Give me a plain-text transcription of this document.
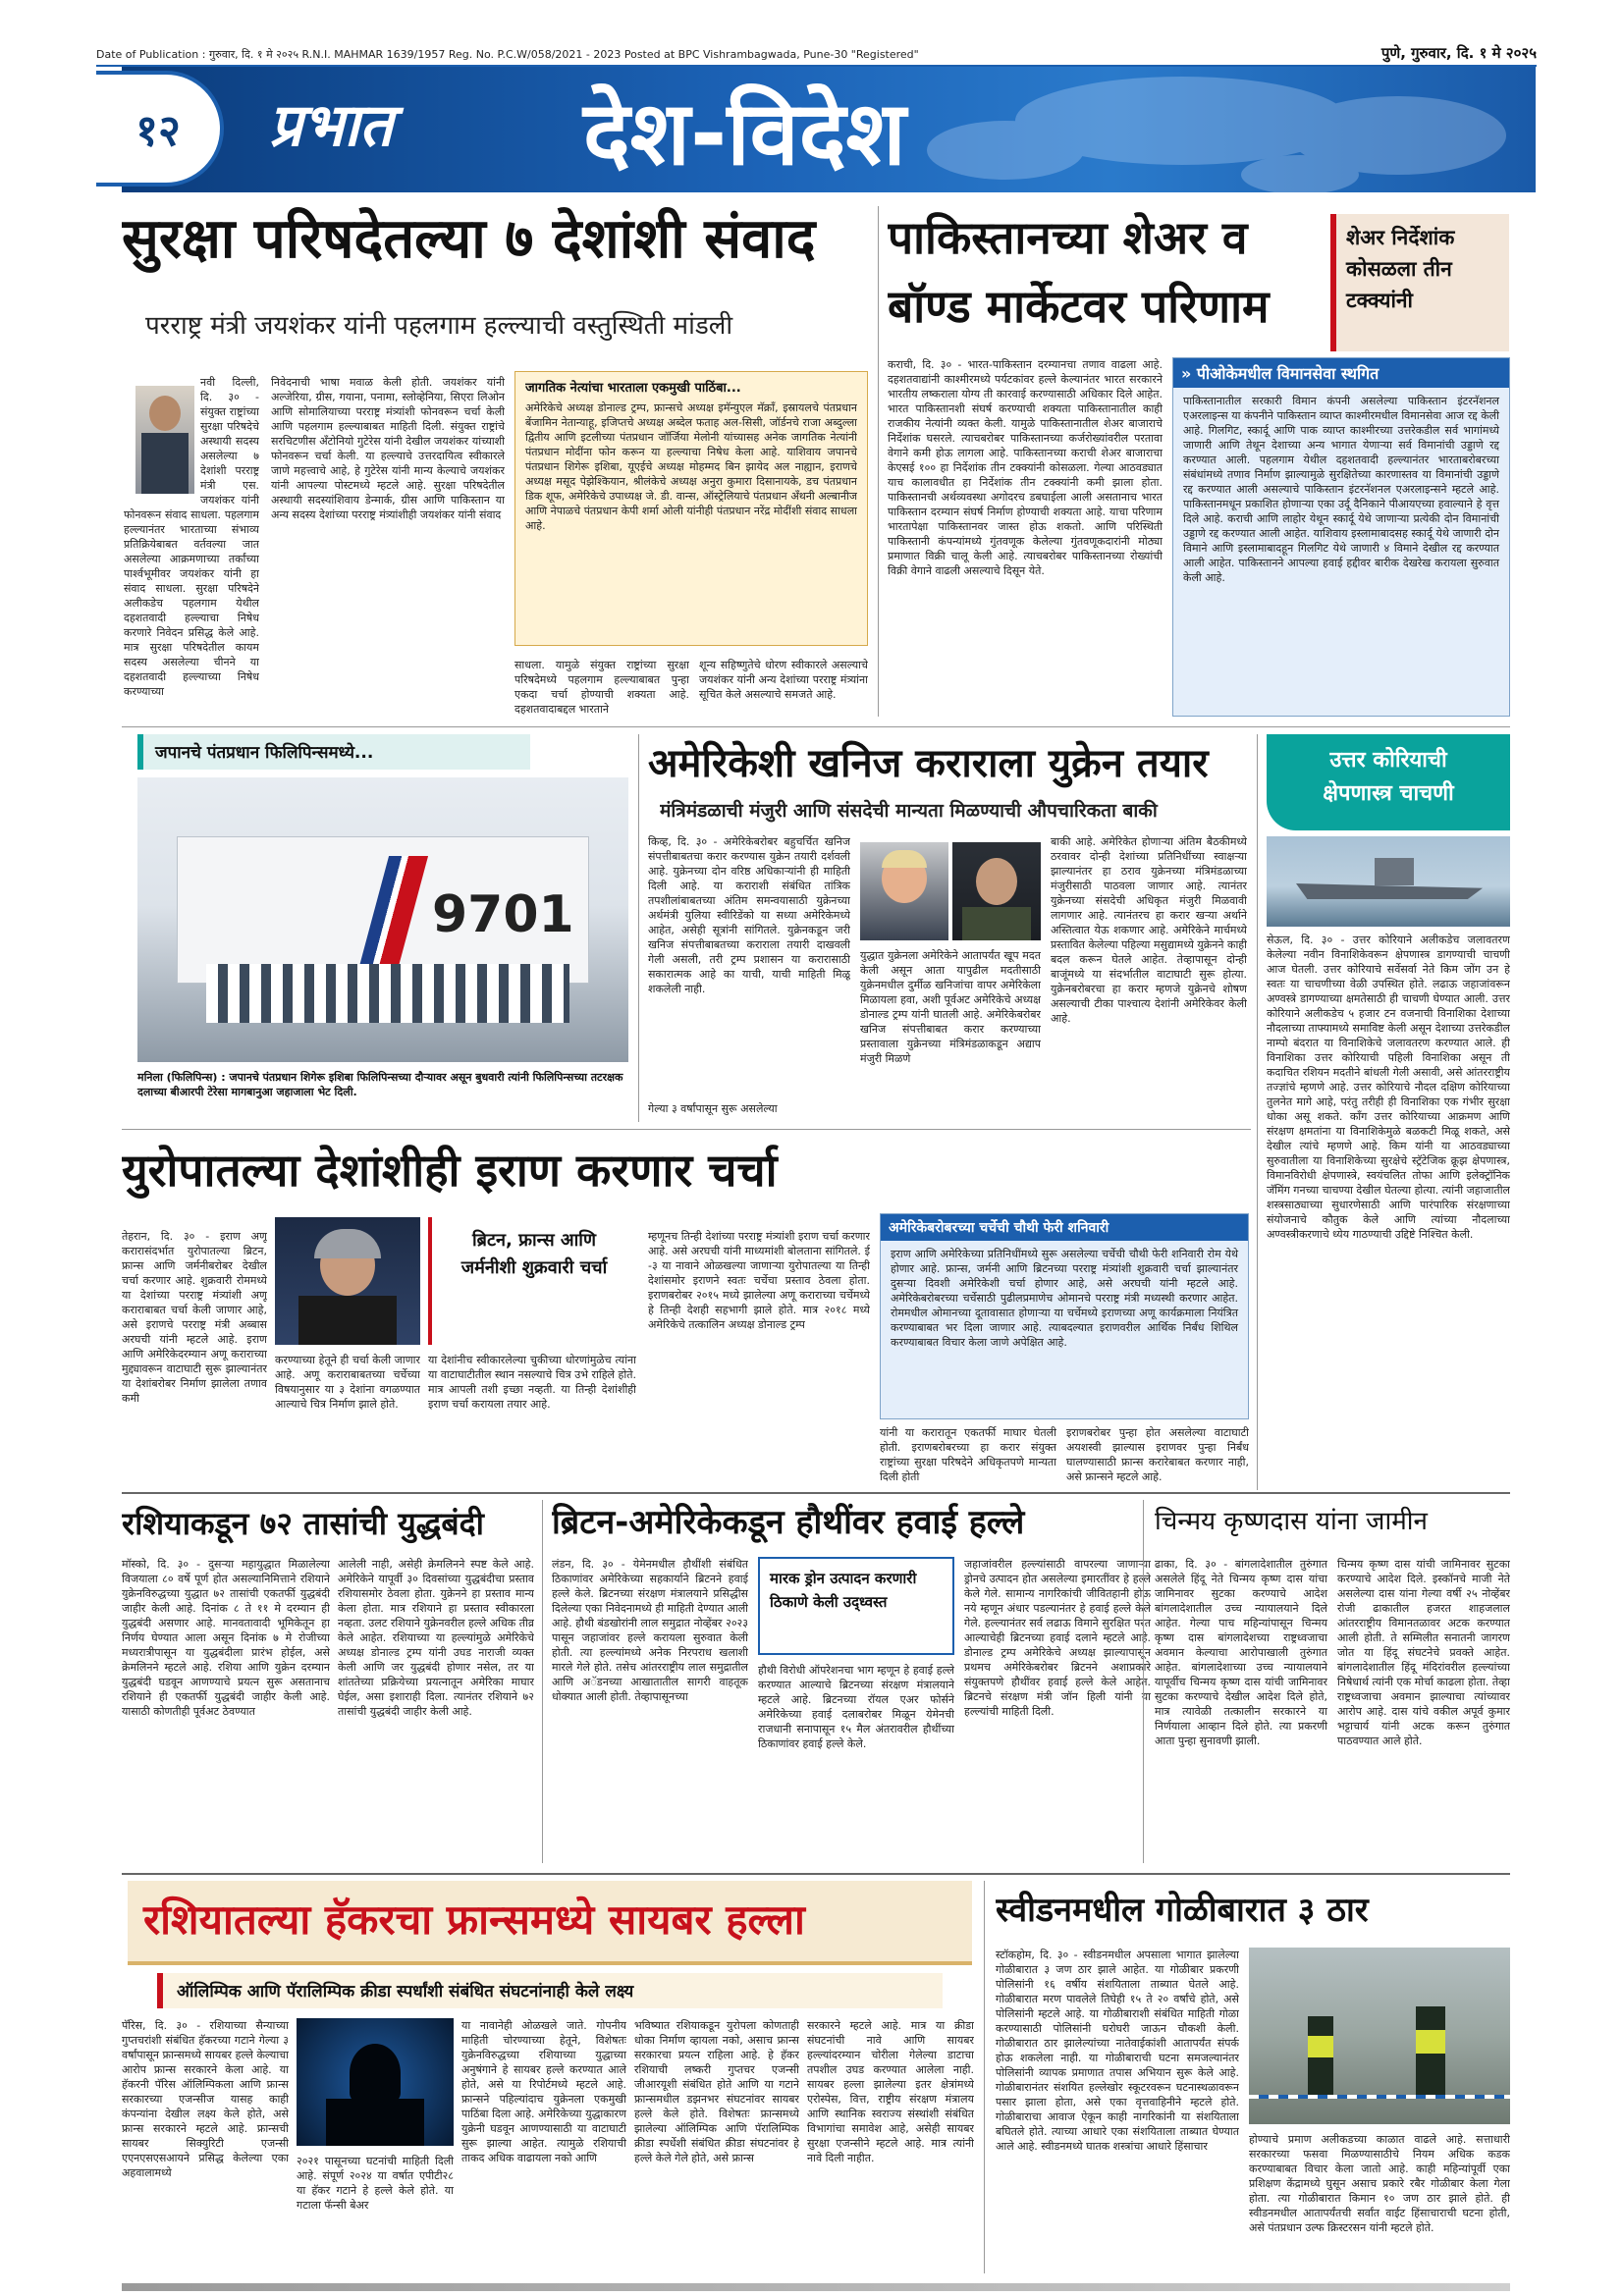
Date of Publication : गुरुवार, दि. १ मे २०२५ R.N.I. MAHMAR 1639/1957 Reg. No. P.C.W/058/2021 - 2023 Posted at BPC Vishrambagwada, Pune-30 "Registered"	पुणे, गुरुवार, दि. १ मे २०२५
प्रभात देश-विदेश
१२
सुरक्षा परिषदेतल्या ७ देशांशी संवाद
परराष्ट्र मंत्री जयशंकर यांनी पहलगाम हल्ल्याची वस्तुस्थिती मांडली
नवी दिल्ली, दि. ३० - संयुक्त राष्ट्रांच्या सुरक्षा परिषदेचे अस्थायी सदस्य असलेल्या ७ देशांशी परराष्ट्र मंत्री एस. जयशंकर यांनी फोनवरून संवाद साधला. पहलगाम हल्ल्यानंतर भारताच्या संभाव्य प्रतिक्रियेबाबत वर्तवल्या जात असलेल्या आक्रमणाच्या तर्कांच्या पार्श्वभूमीवर जयशंकर यांनी हा संवाद साधला. सुरक्षा परिषदेने अलीकडेच पहलगाम येथील दहशतवादी हल्ल्याचा निषेध करणारे निवेदन प्रसिद्ध केले आहे. मात्र सुरक्षा परिषदेतील कायम सदस्य असलेल्या चीनने या दहशतवादी हल्ल्याच्या निषेध करण्याच्या
निवेदनाची भाषा मवाळ केली होती. जयशंकर यांनी अल्जेरिया, ग्रीस, गयाना, पनामा, स्लोव्हेनिया, सिएरा लिओन आणि सोमालियाच्या परराष्ट्र मंत्र्यांशी फोनवरून चर्चा केली आणि पहलगाम हल्ल्याबाबत माहिती दिली. संयुक्त राष्ट्रांचे सरचिटणीस अँटोनियो गुटेरेस यांनी देखील जयशंकर यांच्याशी फोनवरून चर्चा केली. या हल्ल्याचे उत्तरदायित्व स्वीकारले जाणे महत्त्वाचे आहे, हे गुटेरेस यांनी मान्य केल्याचे जयशंकर यांनी आपल्या पोस्टमध्ये म्हटले आहे. सुरक्षा परिषदेतील अस्थायी सदस्यांशिवाय डेन्मार्क, ग्रीस आणि पाकिस्तान या अन्य सदस्य देशांच्या परराष्ट्र मंत्र्यांशीही जयशंकर यांनी संवाद
जागतिक नेत्यांचा भारताला एकमुखी पाठिंबा...
अमेरिकेचे अध्यक्ष डोनाल्ड ट्रम्प, फ्रान्सचे अध्यक्ष इमॅन्युएल मॅक्रॉं, इस्रायलचे पंतप्रधान बेंजामिन नेतान्याहू, इजिप्तचे अध्यक्ष अब्देल फताह अल-सिसी, जॉर्डनचे राजा अब्दुल्ला द्वितीय आणि इटलीच्या पंतप्रधान जॉर्जिया मेलोनी यांच्यासह अनेक जागतिक नेत्यांनी पंतप्रधान मोदींना फोन करून या हल्ल्याचा निषेध केला आहे. याशिवाय जपानचे पंतप्रधान शिगेरू इशिबा, यूएईचे अध्यक्ष मोहम्मद बिन झायेद अल नाह्यान, इराणचे अध्यक्ष मसूद पेझेश्कियान, श्रीलंकेचे अध्यक्ष अनुरा कुमारा दिसानायके, डच पंतप्रधान डिक शूफ, अमेरिकेचे उपाध्यक्ष जे. डी. वान्स, ऑस्ट्रेलियाचे पंतप्रधान अँथनी अल्बानीज आणि नेपाळचे पंतप्रधान केपी शर्मा ओली यांनीही पंतप्रधान नरेंद्र मोदींशी संवाद साधला आहे.
साधला. यामुळे संयुक्त राष्ट्रांच्या सुरक्षा परिषदेमध्ये पहलगाम हल्ल्याबाबत पुन्हा एकदा चर्चा होण्याची शक्यता आहे. दहशतवादाबद्दल भारताने
शून्य सहिष्णुतेचे धोरण स्वीकारले असल्याचे जयशंकर यांनी अन्य देशांच्या परराष्ट्र मंत्र्यांना सूचित केले असल्याचे समजते आहे.
पाकिस्तानच्या शेअर व
बॉण्ड मार्केटवर परिणाम
शेअर निर्देशांक कोसळला तीन टक्क्यांनी
कराची, दि. ३० - भारत-पाकिस्तान दरम्यानचा तणाव वाढला आहे. दहशतवाद्यांनी काश्मीरमध्ये पर्यटकांवर हल्ले केल्यानंतर भारत सरकारने भारतीय लष्कराला योग्य ती कारवाई करण्यासाठी अधिकार दिले आहेत. भारत पाकिस्तानशी संघर्ष करण्याची शक्यता पाकिस्तानातील काही राजकीय नेत्यांनी व्यक्त केली. यामुळे पाकिस्तानातील शेअर बाजाराचे निर्देशांक घसरले. त्याचबरोबर पाकिस्तानच्या कर्जरोख्यांवरील परतावा वेगाने कमी होऊ लागला आहे. पाकिस्तानच्या कराची शेअर बाजाराचा केएसई १०० हा निर्देशांक तीन टक्क्यांनी कोसळला. गेल्या आठवड्यात याच कालावधीत हा निर्देशांक तीन टक्क्यांनी कमी झाला होता. पाकिस्तानची अर्थव्यवस्था अगोदरच डबघाईला आली असतानाच भारत पाकिस्तान दरम्यान संघर्ष निर्माण होण्याची शक्यता आहे. याचा परिणाम भारतापेक्षा पाकिस्तानवर जास्त होऊ शकतो. आणि परिस्थिती पाकिस्तानी कंपन्यांमध्ये गुंतवणूक केलेल्या गुंतवणूकदारांनी मोठ्या प्रमाणात विक्री चालू केली आहे. त्याचबरोबर पाकिस्तानच्या रोख्यांची विक्री वेगाने वाढली असल्याचे दिसून येते.
» पीओकेमधील विमानसेवा स्थगित
पाकिस्तानातील सरकारी विमान कंपनी असलेल्या पाकिस्तान इंटरनॅशनल एअरलाइन्स या कंपनीने पाकिस्तान व्याप्त काश्मीरमधील विमानसेवा आज रद्द केली आहे. गिलगिट, स्कार्दू आणि पाक व्याप्त काश्मीरच्या उत्तरेकडील सर्व भागांमध्ये जाणारी आणि तेथून देशाच्या अन्य भागात येणाऱ्या सर्व विमानांची उड्डाणे रद्द करण्यात आली. पहलगाम येथील दहशतवादी हल्ल्यानंतर भारताबरोबरच्या संबंधांमध्ये तणाव निर्माण झाल्यामुळे सुरक्षितेच्या कारणास्तव या विमानांची उड्डाणे रद्द करण्यात आली असल्याचे पाकिस्तान इंटरनॅशनल एअरलाइन्सने म्हटले आहे. पाकिस्तानमधून प्रकाशित होणाऱ्या एका उर्दू दैनिकाने पीआयएच्या हवाल्याने हे वृत्त दिले आहे. कराची आणि लाहोर येथून स्कार्दू येथे जाणाऱ्या प्रत्येकी दोन विमानांची उड्डाणे रद्द करण्यात आली आहेत. याशिवाय इस्लामाबादसह स्कार्दू येथे जाणारी दोन विमाने आणि इस्लामाबादहून गिलगिट येथे जाणारी ४ विमाने देखील रद्द करण्यात आली आहेत. पाकिस्तानने आपल्या हवाई हद्दीवर बारीक देखरेख करायला सुरुवात केली आहे.
जपानचे पंतप्रधान फिलिपिन्समध्ये...
9701
मनिला (फिलिपिन्स) : जपानचे पंतप्रधान शिगेरू इशिबा फिलिपिन्सच्या दौऱ्यावर असून बुधवारी त्यांनी फिलिपिन्सच्या तटरक्षक दलाच्या बीआरपी टेरेसा मागबानुआ जहाजाला भेट दिली.
अमेरिकेशी खनिज कराराला युक्रेन तयार
मंत्रिमंडळाची मंजुरी आणि संसदेची मान्यता मिळण्याची औपचारिकता बाकी
किव्ह, दि. ३० - अमेरिकेबरोबर बहुचर्चित खनिज संपत्तीबाबतचा करार करण्यास युक्रेन तयारी दर्शवली आहे. युक्रेनच्या दोन वरिष्ठ अधिकाऱ्यांनी ही माहिती दिली आहे. या कराराशी संबंधित तांत्रिक तपशीलांबाबतच्या अंतिम समन्वयासाठी युक्रेनच्या अर्थमंत्री युलिया स्वीरिडेंको या सध्या अमेरिकेमध्ये आहेत, असेही सूत्रांनी सांगितले. युक्रेनकडून जरी खनिज संपत्तीबाबतच्या कराराला तयारी दाखवली गेली असली, तरी ट्रम्प प्रशासन या करारासाठी सकारात्मक आहे का याची, याची माहिती मिळू शकलेली नाही.
गेल्या ३ वर्षांपासून सुरू असलेल्या
युद्धात युक्रेनला अमेरिकेने आतापर्यंत खूप मदत केली असून आता यापुढील मदतीसाठी युक्रेनमधील दुर्मीळ खनिजांचा वापर अमेरिकेला मिळायला हवा, अशी पूर्वअट अमेरिकेचे अध्यक्ष डोनाल्ड ट्रम्प यांनी घातली आहे. अमेरिकेबरोबर खनिज संपत्तीबाबत करार करण्याच्या प्रस्तावाला युक्रेनच्या मंत्रिमंडळाकडून अद्याप मंजुरी मिळणे
बाकी आहे. अमेरिकेत होणाऱ्या अंतिम बैठकीमध्ये ठरवावर दोन्ही देशांच्या प्रतिनिधींच्या स्वाक्षऱ्या झाल्यानंतर हा ठराव युक्रेनच्या मंत्रिमंडळाच्या मंजुरीसाठी पाठवला जाणार आहे. त्यानंतर युक्रेनच्या संसदेची अधिकृत मंजुरी मिळवावी लागणार आहे. त्यानंतरच हा करार खऱ्या अर्थाने अस्तित्वात येऊ शकणार आहे. अमेरिकेने मार्चमध्ये प्रस्तावित केलेल्या पहिल्या मसुद्यामध्ये युक्रेनने काही बदल करून घेतले आहेत. तेव्हापासून दोन्ही बाजूंमध्ये या संदर्भातील वाटाघाटी सुरू होत्या. युक्रेनबरोबरचा हा करार म्हणजे युक्रेनचे शोषण असल्याची टीका पाश्चात्य देशांनी अमेरिकेवर केली आहे.
उत्तर कोरियाची
क्षेपणास्त्र चाचणी
सेऊल, दि. ३० - उत्तर कोरियाने अलीकडेच जलावतरण केलेल्या नवीन विनाशिकेवरून क्षेपणास्त्र डागण्याची चाचणी आज घेतली. उत्तर कोरियाचे सर्वेसर्वा नेते किम जोंग उन हे स्वतः या चाचणीच्या वेळी उपस्थित होते. लढाऊ जहाजांवरून अण्वस्त्रे डागण्याच्या क्षमतेसाठी ही चाचणी घेण्यात आली. उत्तर कोरियाने अलीकडेच ५ हजार टन वजनाची विनाशिका देशाच्या नौदलाच्या ताफ्यामध्ये समाविष्ट केली असून देशाच्या उत्तरेकडील नाम्पो बंदरात या विनाशिकेचे जलावतरण करण्यात आले. ही विनाशिका उत्तर कोरियाची पहिली विनाशिका असून ती कदाचित रशियन मदतीने बांधली गेली असावी, असे आंतरराष्ट्रीय तज्ज्ञांचे म्हणणे आहे. उत्तर कोरियाचे नौदल दक्षिण कोरियाच्या तुलनेत मागे आहे, परंतु तरीही ही विनाशिका एक गंभीर सुरक्षा धोका असू शकते. काँग उत्तर कोरियाच्या आक्रमण आणि संरक्षण क्षमतांना या विनाशिकेमुळे बळकटी मिळू शकते, असे देखील त्यांचे म्हणणे आहे. किम यांनी या आठवड्याच्या सुरुवातीला या विनाशिकेच्या सुरक्षेचे स्ट्रॅटेजिक क्रूझ क्षेपणास्त्र, विमानविरोधी क्षेपणास्त्रे, स्वयंचलित तोफा आणि इलेक्ट्रॉनिक जॅमिंग गनच्या चाचण्या देखील घेतल्या होत्या. त्यांनी जहाजातील शस्त्रसाठ्याच्या सुधारणेसाठी आणि पारंपारिक संरक्षणाच्या संयोजनाचे कौतुक केले आणि त्यांच्या नौदलाच्या अण्वस्त्रीकरणाचे ध्येय गाठण्याची उद्दिष्टे निश्चित केली.
युरोपातल्या देशांशीही इराण करणार चर्चा
तेहरान, दि. ३० - इराण अणू करारासंदर्भात युरोपातल्या ब्रिटन, फ्रान्स आणि जर्मनीबरोबर देखील चर्चा करणार आहे. शुक्रवारी रोममध्ये या देशांच्या परराष्ट्र मंत्र्यांशी अणू कराराबाबत चर्चा केली जाणार आहे, असे इराणचे परराष्ट्र मंत्री अब्बास अरघची यांनी म्हटले आहे. इराण आणि अमेरिकेदरम्यान अणू कराराच्या मुद्द्यावरून वाटाघाटी सुरू झाल्यानंतर या देशांबरोबर निर्माण झालेला तणाव कमी
ब्रिटन, फ्रान्स आणि जर्मनीशी शुक्रवारी चर्चा
करण्याच्या हेतूने ही चर्चा केली जाणार आहे. अणू कराराबाबतच्या चर्चेच्या विषयानुसार या ३ देशांना वगळण्यात आल्याचे चित्र निर्माण झाले होते.
या देशांनीच स्वीकारलेल्या चुकीच्या धोरणांमुळेच त्यांना या वाटाघाटीतील स्थान नसल्याचे चित्र उभे राहिले होते. मात्र आपली तशी इच्छा नव्हती. या तिन्ही देशांशीही इराण चर्चा करायला तयार आहे.
म्हणूनच तिन्ही देशांच्या परराष्ट्र मंत्र्यांशी इराण चर्चा करणार आहे. असे अरघची यांनी माध्यमांशी बोलताना सांगितले. ई -३ या नावाने ओळखल्या जाणाऱ्या युरोपातल्या या तिन्ही देशांसमोर इराणने स्वतः चर्चेचा प्रस्ताव ठेवला होता. इराणबरोबर २०१५ मध्ये झालेल्या अणू कराराच्या चर्चेमध्ये हे तिन्ही देशही सहभागी झाले होते. मात्र २०१८ मध्ये अमेरिकेचे तत्कालिन अध्यक्ष डोनाल्ड ट्रम्प
अमेरिकेबरोबरच्या चर्चेची चौथी फेरी शनिवारी
इराण आणि अमेरिकेच्या प्रतिनिधींमध्ये सुरू असलेल्या चर्चेची चौथी फेरी शनिवारी रोम येथे होणार आहे. फ्रान्स, जर्मनी आणि ब्रिटनच्या परराष्ट्र मंत्र्यांशी शुक्रवारी चर्चा झाल्यानंतर दुसऱ्या दिवशी अमेरिकेशी चर्चा होणार आहे, असे अरघची यांनी म्हटले आहे. अमेरिकेबरोबरच्या चर्चेसाठी पुढीलप्रमाणेच ओमानचे परराष्ट्र मंत्री मध्यस्थी करणार आहेत. रोममधील ओमानच्या दूतावासात होणाऱ्या या चर्चेमध्ये इराणच्या अणू कार्यक्रमाला नियंत्रित करण्याबाबत भर दिला जाणार आहे. त्याबदल्यात इराणवरील आर्थिक निर्बंध शिथिल करण्याबाबत विचार केला जाणे अपेक्षित आहे.
यांनी या करारातून एकतर्फी माघार घेतली होती. इराणबरोबरच्या हा करार संयुक्त राष्ट्रांच्या सुरक्षा परिषदेने अधिकृतपणे मान्यता दिली होती
इराणबरोबर पुन्हा होत असलेल्या वाटाघाटी अयशस्वी झाल्यास इराणवर पुन्हा निर्बंध घालण्यासाठी फ्रान्स करारेबाबत करणार नाही, असे फ्रान्सने म्हटले आहे.
रशियाकडून ७२ तासांची युद्धबंदी
मॉस्को, दि. ३० - दुसऱ्या महायुद्धात मिळालेल्या विजयाला ८० वर्षे पूर्ण होत असल्यानिमित्ताने रशियाने युक्रेनविरुद्धच्या युद्धात ७२ तासांची एकतर्फी युद्धबंदी जाहीर केली आहे. दिनांक ८ ते ११ मे दरम्यान ही युद्धबंदी असणार आहे. मानवतावादी भूमिकेतून हा निर्णय घेण्यात आला असून दिनांक ७ मे रोजीच्या मध्यरात्रीपासून या युद्धबंदीला प्रारंभ होईल, असे क्रेमलिनने म्हटले आहे. रशिया आणि युक्रेन दरम्यान युद्धबंदी घडवून आणण्याचे प्रयत्न सुरू असतानाच रशियाने ही एकतर्फी युद्धबंदी जाहीर केली आहे. यासाठी कोणतीही पूर्वअट ठेवण्यात
आलेली नाही, असेही क्रेमलिनने स्पष्ट केले आहे. अमेरिकेने यापूर्वी ३० दिवसांच्या युद्धबंदीचा प्रस्ताव रशियासमोर ठेवला होता. युक्रेनने हा प्रस्ताव मान्य केला होता. मात्र रशियाने हा प्रस्ताव स्वीकारला नव्हता. उलट रशियाने युक्रेनवरील हल्ले अधिक तीव्र केले आहेत. रशियाच्या या हल्ल्यांमुळे अमेरिकेचे अध्यक्ष डोनाल्ड ट्रम्प यांनी उघड नाराजी व्यक्त केली आणि जर युद्धबंदी होणार नसेल, तर या शांततेच्या प्रक्रियेच्या प्रयत्नातून अमेरिका माघार घेईल, असा इशाराही दिला. त्यानंतर रशियाने ७२ तासांची युद्धबंदी जाहीर केली आहे.
ब्रिटन-अमेरिकेकडून हौथींवर हवाई हल्ले
लंडन, दि. ३० - येमेनमधील हौथींशी संबंधित ठिकाणांवर अमेरिकेच्या सहकार्याने ब्रिटनने हवाई हल्ले केले. ब्रिटनच्या संरक्षण मंत्रालयाने प्रसिद्धीस दिलेल्या एका निवेदनामध्ये ही माहिती देण्यात आली आहे. हौथी बंडखोरांनी लाल समुद्रात नोव्हेंबर २०२३ पासून जहाजांवर हल्ले करायला सुरुवात केली होती. त्या हल्ल्यांमध्ये अनेक निरपराध खलाशी मारले गेले होते. तसेच आंतरराष्ट्रीय लाल समुद्रातील आणि अॅडनच्या आखातातील सागरी वाहतूक धोक्यात आली होती. तेव्हापासूनच्या
मारक ड्रोन उत्पादन करणारी ठिकाणे केली उद्ध्वस्त
हौथी विरोधी ऑपरेशनचा भाग म्हणून हे हवाई हल्ले करण्यात आल्याचे ब्रिटनच्या संरक्षण मंत्रालयाने म्हटले आहे. ब्रिटनच्या रॉयल एअर फोर्सने अमेरिकेच्या हवाई दलाबरोबर मिळून येमेनची राजधानी सनापासून १५ मैल अंतरावरील हौथींच्या ठिकाणांवर हवाई हल्ले केले.
जहाजांवरील हल्ल्यांसाठी वापरल्या जाणाऱ्या ड्रोनचे उत्पादन होत असलेल्या इमारतींवर हे हल्ले केले गेले. सामान्य नागरिकांची जीवितहानी होऊ नये म्हणून अंधार पडल्यानंतर हे हवाई हल्ले केले गेले. हल्ल्यानंतर सर्व लढाऊ विमाने सुरक्षित परत आल्याचेही ब्रिटनच्या हवाई दलाने म्हटले आहे. डोनाल्ड ट्रम्प अमेरिकेचे अध्यक्ष झाल्यापासून प्रथमच अमेरिकेबरोबर ब्रिटनने अशाप्रकारे संयुक्तपणे हौथींवर हवाई हल्ले केले आहेत. ब्रिटनचे संरक्षण मंत्री जॉन हिली यांनी या हल्ल्यांची माहिती दिली.
चिन्मय कृष्णदास यांना जामीन
ढाका, दि. ३० - बांगलादेशातील तुरुंगात असलेले हिंदू नेते चिन्मय कृष्ण दास यांचा जामिनावर सुटका करण्याचे आदेश बांगलादेशातील उच्च न्यायालयाने दिले आहेत. गेल्या पाच महिन्यांपासून चिन्मय कृष्ण दास बांगलादेशच्या राष्ट्रध्वजाचा अवमान केल्याचा आरोपाखाली तुरुंगात आहेत. बांगलादेशाच्या उच्च न्यायालयाने यापूर्वीच चिन्मय कृष्ण दास यांची जामिनावर सुटका करण्याचे देखील आदेश दिले होते, मात्र त्यावेळी तत्कालीन सरकारने या निर्णयाला आव्हान दिले होते. त्या प्रकरणी आता पुन्हा सुनावणी झाली.
चिन्मय कृष्ण दास यांची जामिनावर सुटका करण्याचे आदेश दिले. इस्कॉनचे माजी नेते असलेल्या दास यांना गेल्या वर्षी २५ नोव्हेंबर रोजी ढाकातील हजरत शाहजलाल आंतरराष्ट्रीय विमानतळावर अटक करण्यात आली होती. ते सम्मिलीत सनातनी जागरण जोत या हिंदू संघटनेचे प्रवक्ते आहेत. बांगलादेशातील हिंदू मंदिरांवरील हल्ल्यांच्या निषेधार्थ त्यांनी एक मोर्चा काढला होता. तेव्हा राष्ट्रध्वजाचा अवमान झाल्याचा त्यांच्यावर आरोप आहे. दास यांचे वकील अपूर्व कुमार भट्टाचार्य यांनी अटक करून तुरुंगात पाठवण्यात आले होते.
रशियातल्या हॅकरचा फ्रान्समध्ये सायबर हल्ला
ऑलिम्पिक आणि पॅरालिम्पिक क्रीडा स्पर्धांशी संबंधित संघटनांनाही केले लक्ष्य
पॅरिस, दि. ३० - रशियाच्या सैन्याच्या गुप्तचरांशी संबंधित हॅकरच्या गटाने गेल्या ३ वर्षांपासून फ्रान्समध्ये सायबर हल्ले केल्याचा आरोप फ्रान्स सरकारने केला आहे. या हॅकरनी पॅरिस ऑलिम्पिकला आणि फ्रान्स सरकारच्या एजन्सीज यासह काही कंपन्यांना देखील लक्ष्य केले होते, असे फ्रान्स सरकारने म्हटले आहे. फ्रान्सची सायबर सिक्युरिटी एजन्सी एएनएसएसआयने प्रसिद्ध केलेल्या एका अहवालामध्ये
२०२१ पासूनच्या घटनांची माहिती दिली आहे. संपूर्ण २०२४ या वर्षात एपीटी२८ या हॅकर गटाने हे हल्ले केले होते. या गटाला फॅन्सी बेअर
या नावानेही ओळखले जाते. गोपनीय माहिती चोरण्याच्या हेतूने, विशेषतः युक्रेनविरुद्धच्या रशियाच्या युद्धाच्या अनुषंगाने हे सायबर हल्ले करण्यात आले होते, असे या रिपोर्टमध्ये म्हटले आहे. फ्रान्सने पहिल्यांदाच युक्रेनला एकमुखी पाठिंबा दिला आहे. अमेरिकेच्या युद्धाकारण युक्रेनी घडवून आणण्यासाठी या वाटाघाटी सुरू झाल्या आहेत. त्यामुळे रशियाची ताकद अधिक वाढायला नको आणि
भविष्यात रशियाकडून युरोपला कोणताही धोका निर्माण व्हायला नको, असाच फ्रान्स सरकारचा प्रयत्न राहिला आहे. हे हॅकर रशियाची लष्करी गुप्तचर एजन्सी जीआरयूशी संबंधित होते आणि या गटाने फ्रान्समधील डझनभर संघटनांवर सायबर हल्ले केले होते. विशेषतः फ्रान्समध्ये झालेल्या ऑलिम्पिक आणि पॅरालिम्पिक क्रीडा स्पर्धेशी संबंधित क्रीडा संघटनांवर हे हल्ले केले गेले होते, असे फ्रान्स
सरकारने म्हटले आहे. मात्र या क्रीडा संघटनांची नावे आणि सायबर हल्ल्यांदरम्यान चोरीला गेलेल्या डाटाचा तपशील उघड करण्यात आलेला नाही. सायबर हल्ला झालेल्या इतर क्षेत्रांमध्ये एरोस्पेस, वित्त, राष्ट्रीय संरक्षण मंत्रालय आणि स्थानिक स्वराज्य संस्थांशी संबंधित विभागांचा समावेश आहे, असेही सायबर सुरक्षा एजन्सीने म्हटले आहे. मात्र त्यांनी नावे दिली नाहीत.
स्वीडनमधील गोळीबारात ३ ठार
स्टॉकहोम, दि. ३० - स्वीडनमधील अपसाला भागात झालेल्या गोळीबारात ३ जण ठार झाले आहेत. या गोळीबार प्रकरणी पोलिसांनी १६ वर्षीय संशयिताला ताब्यात घेतले आहे. गोळीबारात मरण पावलेले तिघेही १५ ते २० वर्षांचे होते, असे पोलिसांनी म्हटले आहे. या गोळीबाराशी संबंधित माहिती गोळा करण्यासाठी पोलिसांनी घरोघरी जाऊन चौकशी केली. गोळीबारात ठार झालेल्यांच्या नातेवाईकांशी आतापर्यंत संपर्क होऊ शकलेला नाही. या गोळीबाराची घटना समजल्यानंतर पोलिसांनी व्यापक प्रमाणात तपास अभियान सुरू केले आहे. गोळीबारानंतर संशयित हल्लेखोर स्कूटरवरून घटनास्थळावरून पसार झाला होता, असे एका वृत्तवाहिनीने म्हटले होते. गोळीबाराचा आवाज ऐकून काही नागरिकांनी या संशयिताला बघितले होते. त्याच्या आधारे एका संशयिताला ताब्यात घेण्यात आले आहे. स्वीडनमध्ये घातक शस्त्रांचा आधारे हिंसाचार
होण्याचे प्रमाण अलीकडच्या काळात वाढले आहे. सत्ताधारी सरकारच्या फसवा मिळण्यासाठीचे नियम अधिक कडक करण्याबाबत विचार केला जातो आहे. काही महिन्यांपूर्वी एका प्रशिक्षण केंद्रामध्ये घुसून असाच प्रकारे रबैर गोळीबार केला गेला होता. त्या गोळीबारात किमान १० जण ठार झाले होते. ही स्वीडनमधील आतापर्यंतची सर्वांत वाईट हिंसाचाराची घटना होती, असे पंतप्रधान उल्फ क्रिस्टरसन यांनी म्हटले होते.
